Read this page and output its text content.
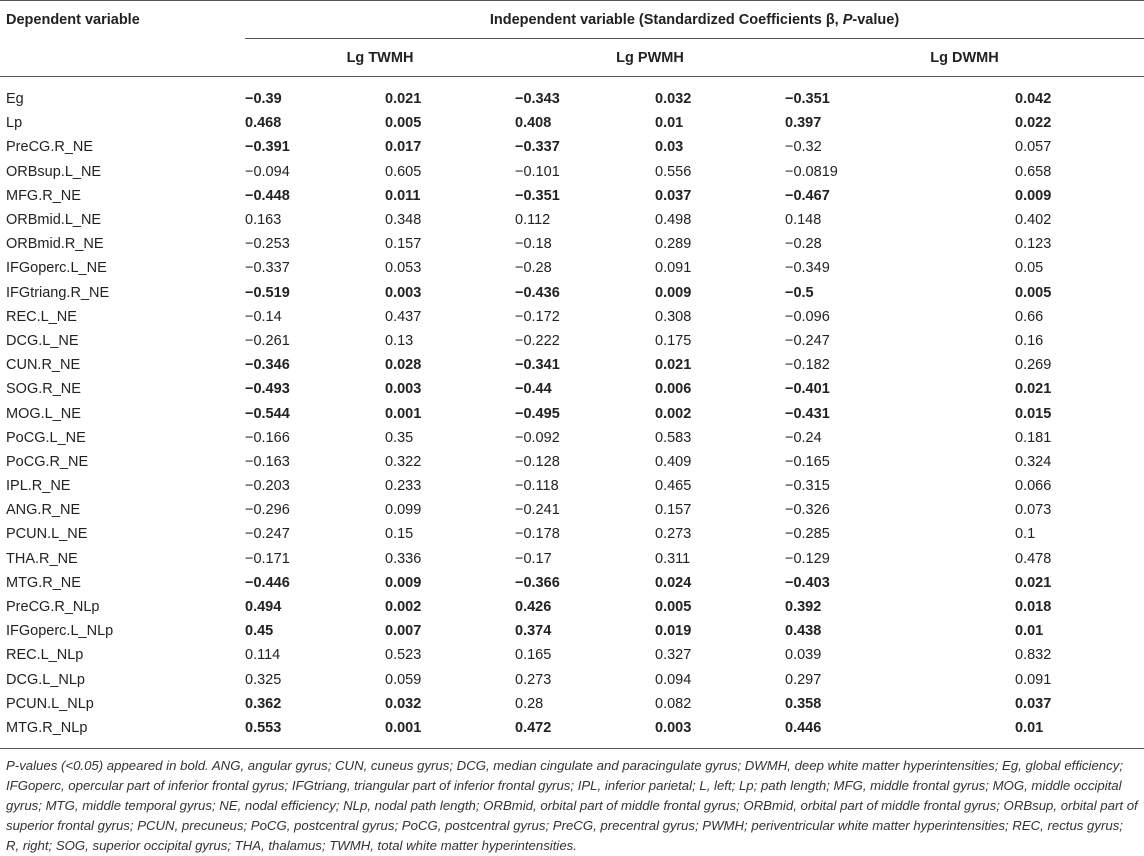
Dependent variable	Independent variable (Standardized Coefficients β, P-value)					
	Lg TWMH		Lg PWMH		Lg DWMH	

Eg	−0.39	0.021	−0.343	0.032	−0.351	0.042
Lp	0.468	0.005	0.408	0.01	0.397	0.022
PreCG.R_NE	−0.391	0.017	−0.337	0.03	−0.32	0.057
ORBsup.L_NE	−0.094	0.605	−0.101	0.556	−0.0819	0.658
MFG.R_NE	−0.448	0.011	−0.351	0.037	−0.467	0.009
ORBmid.L_NE	0.163	0.348	0.112	0.498	0.148	0.402
ORBmid.R_NE	−0.253	0.157	−0.18	0.289	−0.28	0.123
IFGoperc.L_NE	−0.337	0.053	−0.28	0.091	−0.349	0.05
IFGtriang.R_NE	−0.519	0.003	−0.436	0.009	−0.5	0.005
REC.L_NE	−0.14	0.437	−0.172	0.308	−0.096	0.66
DCG.L_NE	−0.261	0.13	−0.222	0.175	−0.247	0.16
CUN.R_NE	−0.346	0.028	−0.341	0.021	−0.182	0.269
SOG.R_NE	−0.493	0.003	−0.44	0.006	−0.401	0.021
MOG.L_NE	−0.544	0.001	−0.495	0.002	−0.431	0.015
PoCG.L_NE	−0.166	0.35	−0.092	0.583	−0.24	0.181
PoCG.R_NE	−0.163	0.322	−0.128	0.409	−0.165	0.324
IPL.R_NE	−0.203	0.233	−0.118	0.465	−0.315	0.066
ANG.R_NE	−0.296	0.099	−0.241	0.157	−0.326	0.073
PCUN.L_NE	−0.247	0.15	−0.178	0.273	−0.285	0.1
THA.R_NE	−0.171	0.336	−0.17	0.311	−0.129	0.478
MTG.R_NE	−0.446	0.009	−0.366	0.024	−0.403	0.021
PreCG.R_NLp	0.494	0.002	0.426	0.005	0.392	0.018
IFGoperc.L_NLp	0.45	0.007	0.374	0.019	0.438	0.01
REC.L_NLp	0.114	0.523	0.165	0.327	0.039	0.832
DCG.L_NLp	0.325	0.059	0.273	0.094	0.297	0.091
PCUN.L_NLp	0.362	0.032	0.28	0.082	0.358	0.037
MTG.R_NLp	0.553	0.001	0.472	0.003	0.446	0.01

P-values (<0.05) appeared in bold. ANG, angular gyrus; CUN, cuneus gyrus; DCG, median cingulate and paracingulate gyrus; DWMH, deep white matter hyperintensities; Eg, global efficiency; IFGoperc, opercular part of inferior frontal gyrus; IFGtriang, triangular part of inferior frontal gyrus; IPL, inferior parietal; L, left; Lp; path length; MFG, middle frontal gyrus; MOG, middle occipital gyrus; MTG, middle temporal gyrus; NE, nodal efficiency; NLp, nodal path length; ORBmid, orbital part of middle frontal gyrus; ORBmid, orbital part of middle frontal gyrus; ORBsup, orbital part of superior frontal gyrus; PCUN, precuneus; PoCG, postcentral gyrus; PoCG, postcentral gyrus; PreCG, precentral gyrus; PWMH; periventricular white matter hyperintensities; REC, rectus gyrus; R, right; SOG, superior occipital gyrus; THA, thalamus; TWMH, total white matter hyperintensities.
